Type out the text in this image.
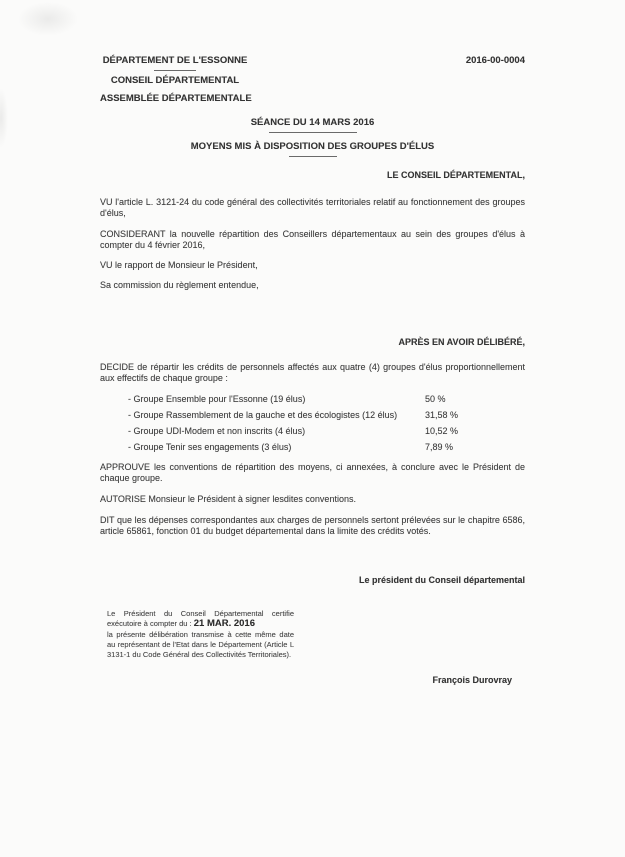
DÉPARTEMENT DE L'ESSONNE
CONSEIL DÉPARTEMENTAL
ASSEMBLÉE DÉPARTEMENTALE
2016-00-0004
SÉANCE DU 14 MARS 2016
MOYENS MIS À DISPOSITION DES GROUPES D'ÉLUS
LE CONSEIL DÉPARTEMENTAL,

VU l'article L. 3121-24 du code général des collectivités territoriales relatif au fonctionnement des groupes d'élus,

CONSIDERANT la nouvelle répartition des Conseillers départementaux au sein des groupes d'élus à compter du 4 février 2016,

VU le rapport de Monsieur le Président,

Sa commission du règlement entendue,

APRÈS EN AVOIR DÉLIBÉRÉ,

DECIDE de répartir les crédits de personnels affectés aux quatre (4) groupes d'élus proportionnellement aux effectifs de chaque groupe :

- Groupe Ensemble pour l'Essonne (19 élus)	50 %
- Groupe Rassemblement de la gauche et des écologistes (12 élus)	31,58 %
- Groupe UDI-Modem et non inscrits (4 élus)	10,52 %
- Groupe Tenir ses engagements (3 élus)	7,89 %

APPROUVE les conventions de répartition des moyens, ci annexées, à conclure avec le Président de chaque groupe.

AUTORISE Monsieur le Président à signer lesdites conventions.

DIT que les dépenses correspondantes aux charges de personnels sertont prélevées sur le chapitre 6586, article 65861, fonction 01 du budget départemental dans la limite des crédits votés.

Le président du Conseil départemental
Le Président du Conseil Départemental certifie exécutoire à compter du : 21 MAR. 2016
la présente délibération transmise à cette même date au représentant de l'Etat dans le Département (Article L 3131-1 du Code Général des Collectivités Territoriales).
François Durovray
